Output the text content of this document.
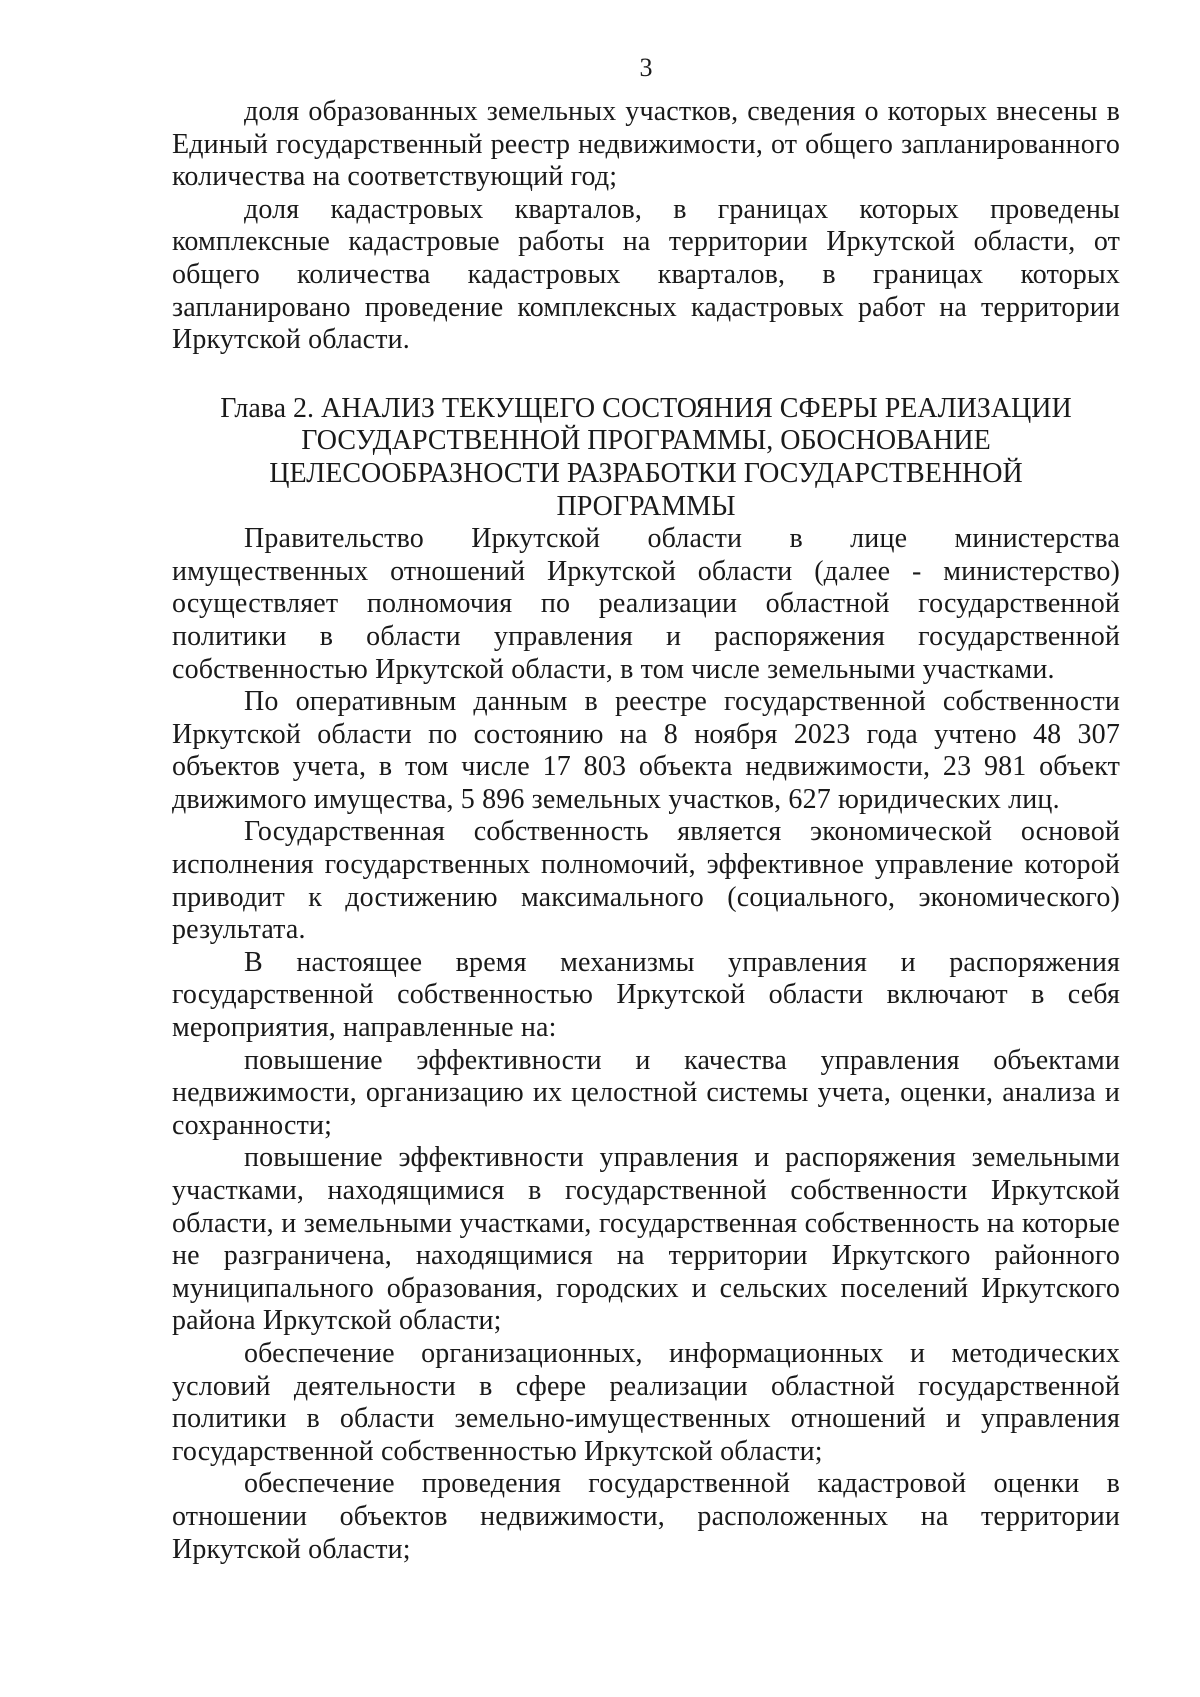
3

доля образованных земельных участков, сведения о которых внесены в Единый государственный реестр недвижимости, от общего запланированного количества на соответствующий год;

доля кадастровых кварталов, в границах которых проведены комплексные кадастровые работы на территории Иркутской области, от общего количества кадастровых кварталов, в границах которых запланировано проведение комплексных кадастровых работ на территории Иркутской области.

Глава 2. АНАЛИЗ ТЕКУЩЕГО СОСТОЯНИЯ СФЕРЫ РЕАЛИЗАЦИИ ГОСУДАРСТВЕННОЙ ПРОГРАММЫ, ОБОСНОВАНИЕ ЦЕЛЕСООБРАЗНОСТИ РАЗРАБОТКИ ГОСУДАРСТВЕННОЙ ПРОГРАММЫ

Правительство Иркутской области в лице министерства имущественных отношений Иркутской области (далее - министерство) осуществляет полномочия по реализации областной государственной политики в области управления и распоряжения государственной собственностью Иркутской области, в том числе земельными участками.

По оперативным данным в реестре государственной собственности Иркутской области по состоянию на 8 ноября 2023 года учтено 48 307 объектов учета, в том числе 17 803 объекта недвижимости, 23 981 объект движимого имущества, 5 896 земельных участков, 627 юридических лиц.

Государственная собственность является экономической основой исполнения государственных полномочий, эффективное управление которой приводит к достижению максимального (социального, экономического) результата.

В настоящее время механизмы управления и распоряжения государственной собственностью Иркутской области включают в себя мероприятия, направленные на:

повышение эффективности и качества управления объектами недвижимости, организацию их целостной системы учета, оценки, анализа и сохранности;

повышение эффективности управления и распоряжения земельными участками, находящимися в государственной собственности Иркутской области, и земельными участками, государственная собственность на которые не разграничена, находящимися на территории Иркутского районного муниципального образования, городских и сельских поселений Иркутского района Иркутской области;

обеспечение организационных, информационных и методических условий деятельности в сфере реализации областной государственной политики в области земельно-имущественных отношений и управления государственной собственностью Иркутской области;

обеспечение проведения государственной кадастровой оценки в отношении объектов недвижимости, расположенных на территории Иркутской области;
